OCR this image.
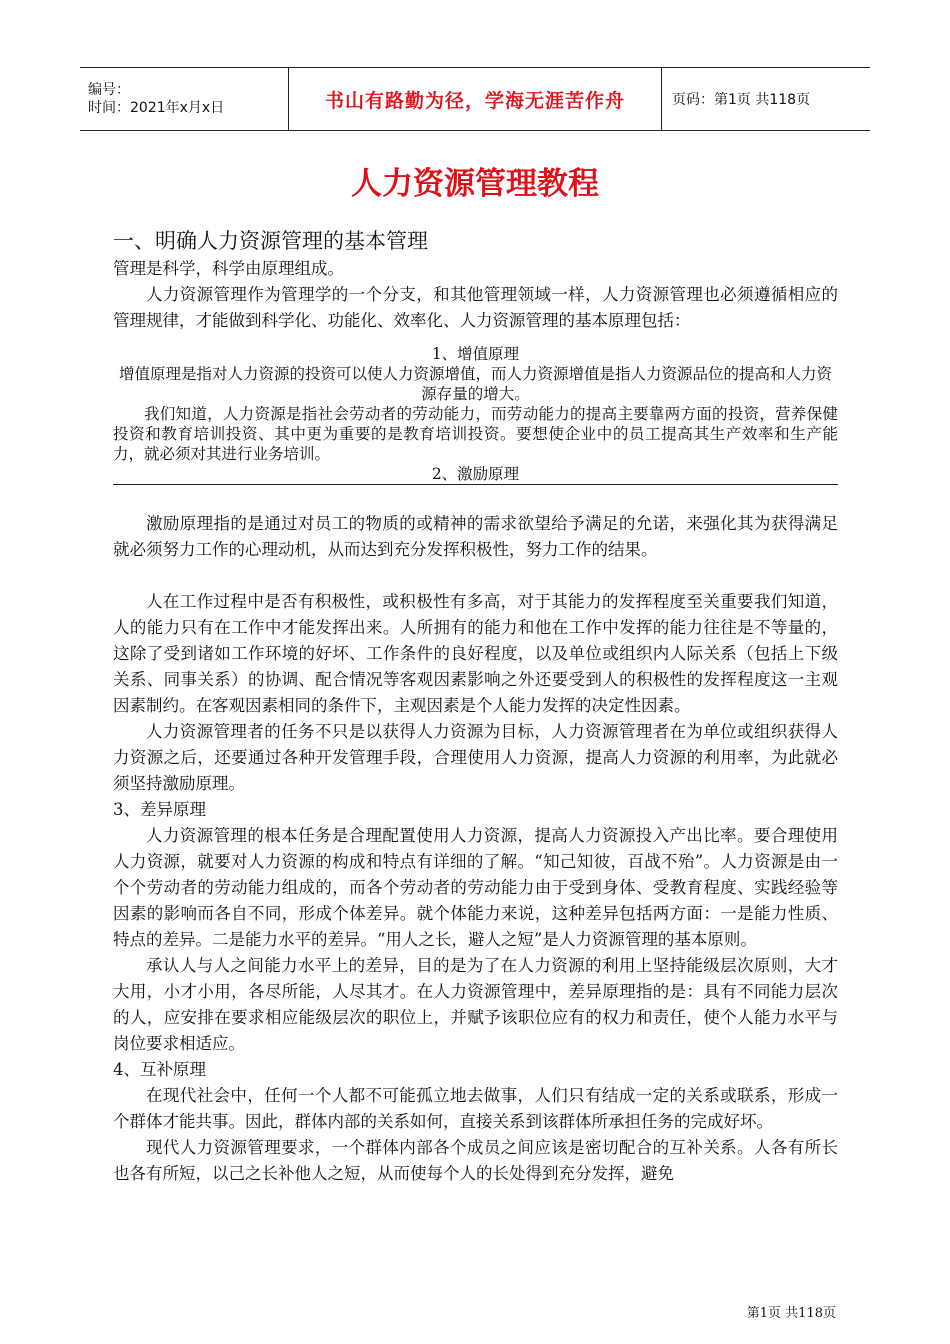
编号：
时间：2021年x月x日	书山有路勤为径，学海无涯苦作舟	页码：第1页 共118页
人力资源管理教程
一、明确人力资源管理的基本管理

管理是科学，科学由原理组成。

人力资源管理作为管理学的一个分支，和其他管理领域一样，人力资源管理也必须遵循相应的管理规律，才能做到科学化、功能化、效率化、人力资源管理的基本原理包括：

1、增值原理

增值原理是指对人力资源的投资可以使人力资源增值，而人力资源增值是指人力资源品位的提高和人力资源存量的增大。

我们知道，人力资源是指社会劳动者的劳动能力，而劳动能力的提高主要靠两方面的投资，营养保健投资和教育培训投资、其中更为重要的是教育培训投资。要想使企业中的员工提高其生产效率和生产能力，就必须对其进行业务培训。

2、激励原理

激励原理指的是通过对员工的物质的或精神的需求欲望给予满足的允诺，来强化其为获得满足就必须努力工作的心理动机，从而达到充分发挥积极性，努力工作的结果。

人在工作过程中是否有积极性，或积极性有多高，对于其能力的发挥程度至关重要我们知道，人的能力只有在工作中才能发挥出来。人所拥有的能力和他在工作中发挥的能力往往是不等量的，这除了受到诸如工作环境的好坏、工作条件的良好程度，以及单位或组织内人际关系（包括上下级关系、同事关系）的协调、配合情况等客观因素影响之外还要受到人的积极性的发挥程度这一主观因素制约。在客观因素相同的条件下，主观因素是个人能力发挥的决定性因素。

人力资源管理者的任务不只是以获得人力资源为目标，人力资源管理者在为单位或组织获得人力资源之后，还要通过各种开发管理手段，合理使用人力资源，提高人力资源的利用率，为此就必须坚持激励原理。

3、差异原理

人力资源管理的根本任务是合理配置使用人力资源，提高人力资源投入产出比率。要合理使用人力资源，就要对人力资源的构成和特点有详细的了解。“知己知彼，百战不殆”。人力资源是由一个个劳动者的劳动能力组成的，而各个劳动者的劳动能力由于受到身体、受教育程度、实践经验等因素的影响而各自不同，形成个体差异。就个体能力来说，这种差异包括两方面：一是能力性质、特点的差异。二是能力水平的差异。“用人之长，避人之短”是人力资源管理的基本原则。

承认人与人之间能力水平上的差异，目的是为了在人力资源的利用上坚持能级层次原则，大才大用，小才小用，各尽所能，人尽其才。在人力资源管理中，差异原理指的是：具有不同能力层次的人，应安排在要求相应能级层次的职位上，并赋予该职位应有的权力和责任，使个人能力水平与岗位要求相适应。

4、互补原理

在现代社会中，任何一个人都不可能孤立地去做事，人们只有结成一定的关系或联系，形成一个群体才能共事。因此，群体内部的关系如何，直接关系到该群体所承担任务的完成好坏。

现代人力资源管理要求，一个群体内部各个成员之间应该是密切配合的互补关系。人各有所长也各有所短，以己之长补他人之短，从而使每个人的长处得到充分发挥，避免

第1页 共118页
